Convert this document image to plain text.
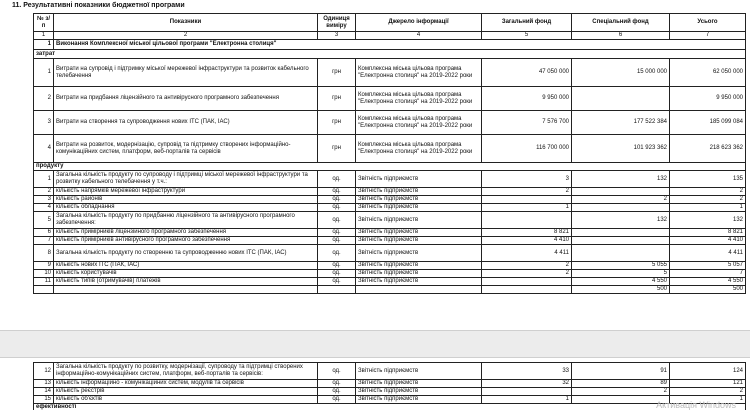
11. Результативні показники бюджетної програми
№ з/п	Показники	Одиниця виміру	Джерело інформації	Загальний фонд	Спеціальний фонд	Усього
1	2	3	4	5	6	7
1	Виконання Комплексної міської цільової програми "Електронна столиця"					
затрат						
1	Витрати на супровід і підтримку міської мережевої інфраструктури та розвиток кабельного телебачення	грн	Комплексна міська цільова програма "Електронна столиця" на 2019-2022 роки	47 050 000	15 000 000	62 050 000
2	Витрати на придбання ліцензійного та антивірусного програмного забезпечення	грн	Комплексна міська цільова програма "Електронна столиця" на 2019-2022 роки	9 950 000		9 950 000
3	Витрати на створення та супроводження нових ІТС (ПАК, ІАС)	грн	Комплексна міська цільова програма "Електронна столиця" на 2019-2022 роки	7 576 700	177 522 384	185 099 084
4	Витрати на розвиток, модернізацію, супровід та підтримку створених інформаційно-комунікаційних систем, платформ, веб-порталів та сервісів	грн	Комплексна міська цільова програма "Електронна столиця" на 2019-2022 роки	116 700 000	101 923 362	218 623 362
продукту						
1	Загальна кількість продукту по супроводу і підтримці міської мережевої інфраструктури та розвитку кабельного телебачення у т.ч.:	од.	Звітність підприємств	3	132	135
2	кількість напрямків мережевої інфраструктури	од.	Звітність підприємств	2		2
3	кількість районів	од.	Звітність підприємств		2	2
4	кількість обладнання	од.	Звітність підприємств	1		1
5	Загальна кількість продукту по придбанню ліцензійного та антивірусного програмного забезпечення:	од.	Звітність підприємств		132	132
6	кількість примірників ліцензійного програмного забезпечення	од.	Звітність підприємств	8 821		8 821
7	кількість примірників антивірусного програмного забезпечення	од.	Звітність підприємств	4 410		4 410
8	Загальна кількість продукту по створенню та супроводженню нових ІТС (ПАК, ІАС)	од.	Звітність підприємств	4 411		4 411
9	кількість нових ІТС (ПАК, ІАС)	од.	Звітність підприємств	2	5 055	5 057
10	кількість користувачів	од.	Звітність підприємств	2	5	7
11	кількість типів (отримувачів) платежів	од.	Звітність підприємств		4 550	4 550
					500	500
12	Загальна кількість продукту по розвитку, модернізації, супроводу та підтримці створених інформаційно-комунікаційних систем, платформ, веб-порталів та сервісів:	од.	Звітність підприємств	33	91	124
13	кількість інформаційно - комунікаційних систем, модулів та сервісів	од.	Звітність підприємств	32	89	121
14	кількість реєстрів	од.	Звітність підприємств		2	2
15	кількість об'єктів	од.	Звітність підприємств	1		1
ефективності							Активація Windows
